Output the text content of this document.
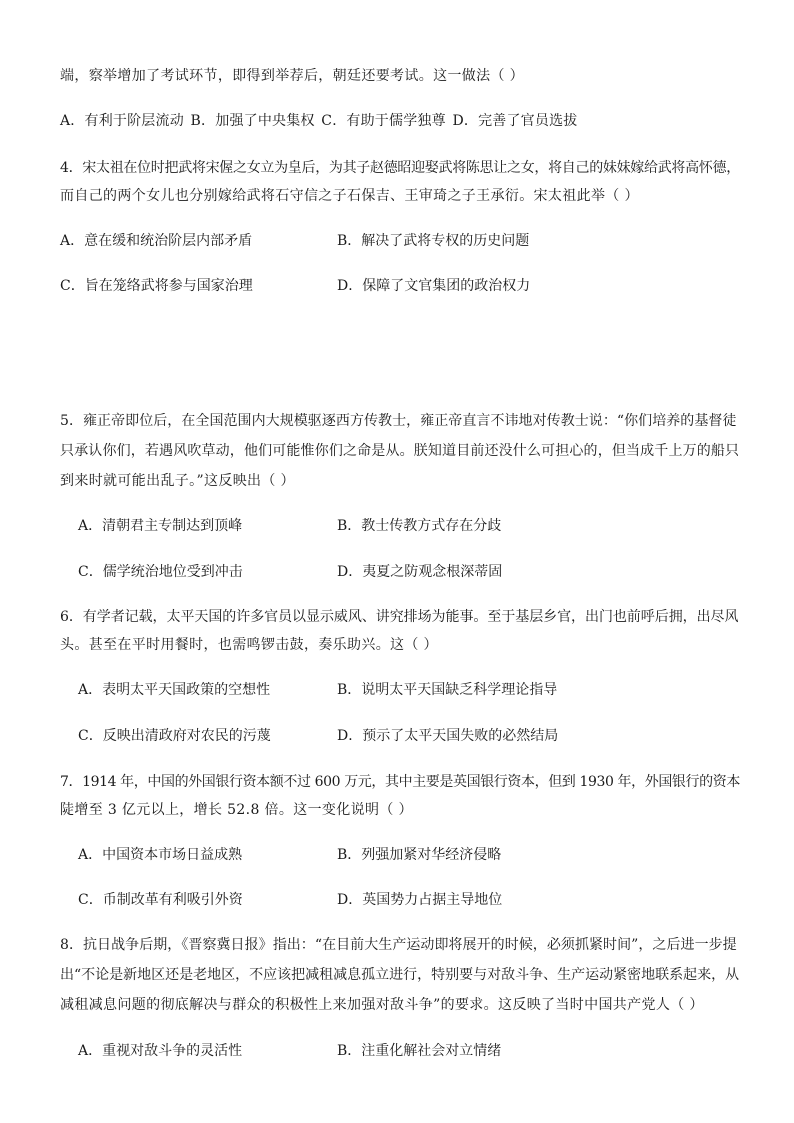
端，察举增加了考试环节，即得到举荐后，朝廷还要考试。这一做法（ ）
A．有利于阶层流动 B．加强了中央集权 C．有助于儒学独尊 D．完善了官员选拔
4．宋太祖在位时把武将宋偓之女立为皇后，为其子赵德昭迎娶武将陈思让之女，将自己的妹妹嫁给武将高怀德，
而自己的两个女儿也分别嫁给武将石守信之子石保吉、王审琦之子王承衍。宋太祖此举（ ）
A．意在缓和统治阶层内部矛盾	B．解决了武将专权的历史问题
C．旨在笼络武将参与国家治理	D．保障了文官集团的政治权力
5．雍正帝即位后，在全国范围内大规模驱逐西方传教士，雍正帝直言不讳地对传教士说：“你们培养的基督徒
只承认你们，若遇风吹草动，他们可能惟你们之命是从。朕知道目前还没什么可担心的，但当成千上万的船只
到来时就可能出乱子。”这反映出（ ）
A．清朝君主专制达到顶峰	B．教士传教方式存在分歧
C．儒学统治地位受到冲击	D．夷夏之防观念根深蒂固
6．有学者记载，太平天国的许多官员以显示威风、讲究排场为能事。至于基层乡官，出门也前呼后拥，出尽风
头。甚至在平时用餐时，也需鸣锣击鼓，奏乐助兴。这（ ）
A．表明太平天国政策的空想性	B．说明太平天国缺乏科学理论指导
C．反映出清政府对农民的污蔑	D．预示了太平天国失败的必然结局
7．1914 年，中国的外国银行资本额不过 600 万元，其中主要是英国银行资本，但到 1930 年，外国银行的资本
陡增至 3 亿元以上，增长 52.8 倍。这一变化说明（ ）
A．中国资本市场日益成熟	B．列强加紧对华经济侵略
C．币制改革有利吸引外资	D．英国势力占据主导地位
8．抗日战争后期，《晋察冀日报》指出：“在目前大生产运动即将展开的时候，必须抓紧时间”，之后进一步提
出“不论是新地区还是老地区，不应该把减租减息孤立进行，特别要与对敌斗争、生产运动紧密地联系起来，从
减租减息问题的彻底解决与群众的积极性上来加强对敌斗争”的要求。这反映了当时中国共产党人（ ）
A．重视对敌斗争的灵活性	B．注重化解社会对立情绪
